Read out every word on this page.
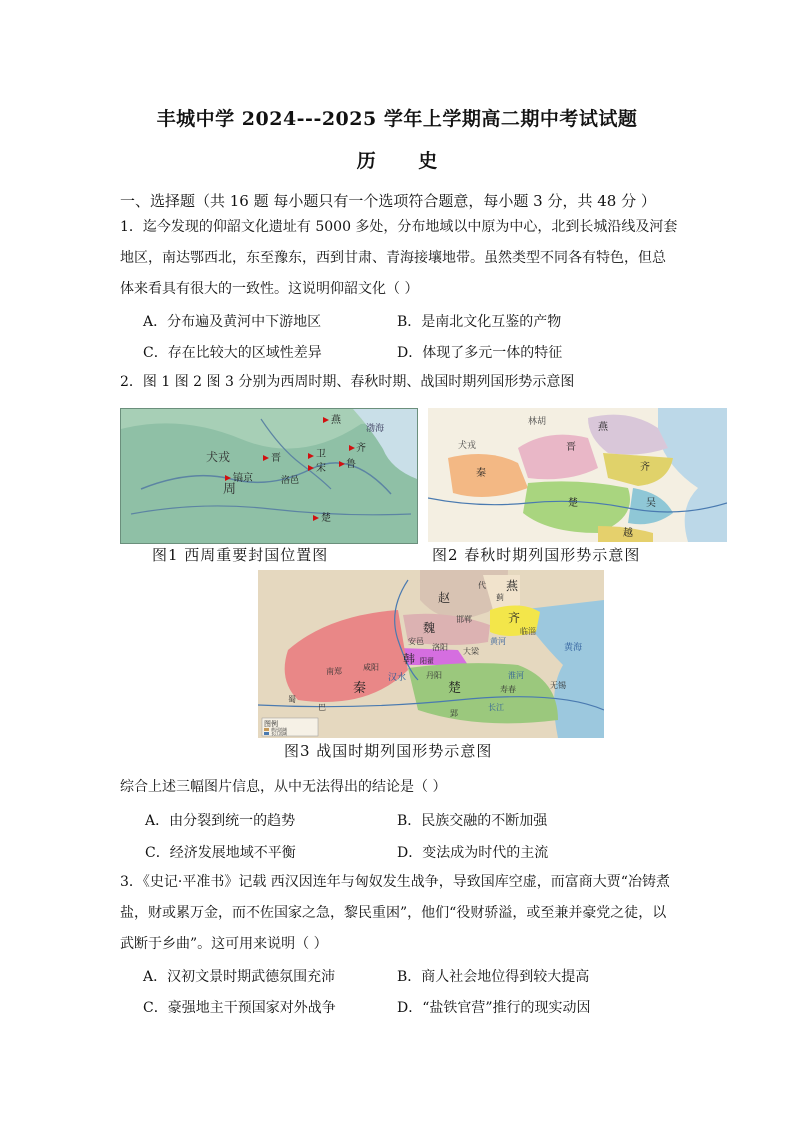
丰城中学 2024---2025 学年上学期高二期中考试试题
历 史
一、选择题（共 16 题 每小题只有一个选项符合题意，每小题 3 分，共 48 分 ）
1．迄今发现的仰韶文化遗址有 5000 多处，分布地域以中原为中心，北到长城沿线及河套
地区，南达鄂西北，东至豫东，西到甘肃、青海接壤地带。虽然类型不同各有特色，但总
体来看具有很大的一致性。这说明仰韶文化（ ）
A．分布遍及黄河中下游地区	B．是南北文化互鉴的产物
C．存在比较大的区域性差异	D．体现了多元一体的特征
2．图 1 图 2 图 3 分别为西周时期、春秋时期、战国时期列国形势示意图
燕
犬戎	晋	卫
宋
齐
鲁
楚
周
镐京	洛邑
渤海
图1 西周重要封国位置图
燕
晋
齐
秦
楚	吴
越
林胡
犬戎
图2 春秋时期列国形势示意图
赵
代 燕
蓟
齐
临淄
魏
邯郸
黄河
安邑
洛阳 大梁
韩 阳翟
咸阳
汉水 丹阳
秦
南郑
楚	寿春
淮河
黄海
无锡
蜀
巴
郢
长江
图例
黄河流域
长江流域
图3 战国时期列国形势示意图
综合上述三幅图片信息，从中无法得出的结论是（ ）
A．由分裂到统一的趋势	B．民族交融的不断加强
C．经济发展地域不平衡	D．变法成为时代的主流
3．《史记·平准书》记载 西汉因连年与匈奴发生战争，导致国库空虚，而富商大贾“冶铸煮
盐，财或累万金，而不佐国家之急，黎民重困”，他们“役财骄溢，或至兼并豪党之徒，以
武断于乡曲”。这可用来说明（ ）
A．汉初文景时期武德氛围充沛	B．商人社会地位得到较大提高
C．豪强地主干预国家对外战争	D．“盐铁官营”推行的现实动因
